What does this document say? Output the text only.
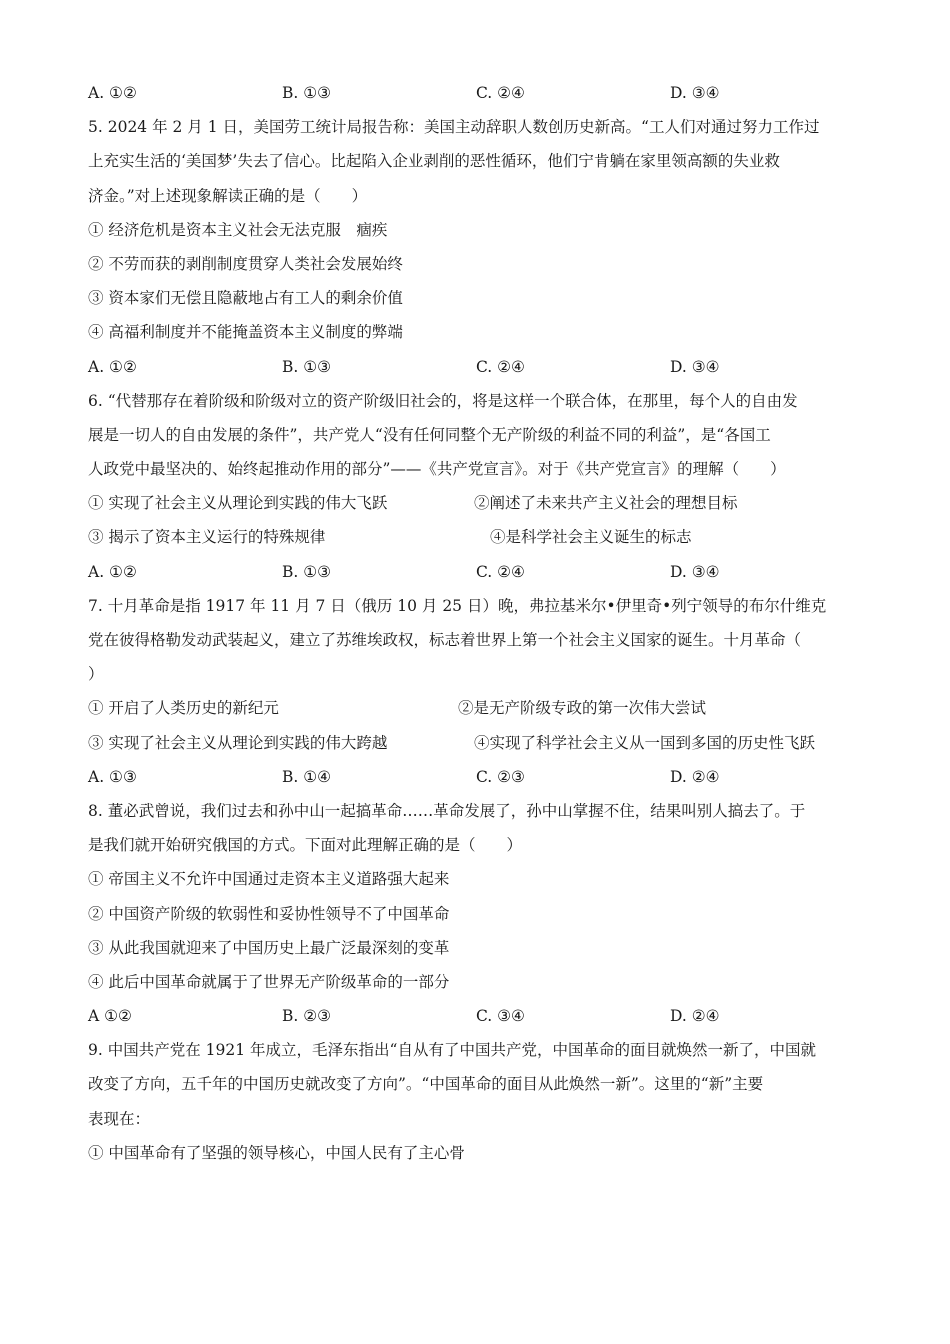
A. ①②	B. ①③	C. ②④	D. ③④
5. 2024 年 2 月 1 日，美国劳工统计局报告称：美国主动辞职人数创历史新高。“工人们对通过努力工作过
上充实生活的‘美国梦’失去了信心。比起陷入企业剥削的恶性循环，他们宁肯躺在家里领高额的失业救
济金。”对上述现象解读正确的是（　　）
① 经济危机是资本主义社会无法克服　痼疾
② 不劳而获的剥削制度贯穿人类社会发展始终
③ 资本家们无偿且隐蔽地占有工人的剩余价值
④ 高福利制度并不能掩盖资本主义制度的弊端
A. ①②	B. ①③	C. ②④	D. ③④
6. “代替那存在着阶级和阶级对立的资产阶级旧社会的，将是这样一个联合体，在那里，每个人的自由发
展是一切人的自由发展的条件”，共产党人“没有任何同整个无产阶级的利益不同的利益”，是“各国工
人政党中最坚决的、始终起推动作用的部分”——《共产党宣言》。对于《共产党宣言》的理解（　　）
① 实现了社会主义从理论到实践的伟大飞跃	②阐述了未来共产主义社会的理想目标
③ 揭示了资本主义运行的特殊规律	④是科学社会主义诞生的标志
A. ①②	B. ①③	C. ②④	D. ③④
7. 十月革命是指 1917 年 11 月 7 日（俄历 10 月 25 日）晚，弗拉基米尔•伊里奇•列宁领导的布尔什维克
党在彼得格勒发动武装起义，建立了苏维埃政权，标志着世界上第一个社会主义国家的诞生。十月革命（
）
① 开启了人类历史的新纪元	②是无产阶级专政的第一次伟大尝试
③ 实现了社会主义从理论到实践的伟大跨越	④实现了科学社会主义从一国到多国的历史性飞跃
A. ①③	B. ①④	C. ②③	D. ②④
8. 董必武曾说，我们过去和孙中山一起搞革命……革命发展了，孙中山掌握不住，结果叫别人搞去了。于
是我们就开始研究俄国的方式。下面对此理解正确的是（　　）
① 帝国主义不允许中国通过走资本主义道路强大起来
② 中国资产阶级的软弱性和妥协性领导不了中国革命
③ 从此我国就迎来了中国历史上最广泛最深刻的变革
④ 此后中国革命就属于了世界无产阶级革命的一部分
A ①②	B. ②③	C. ③④	D. ②④
9. 中国共产党在 1921 年成立，毛泽东指出“自从有了中国共产党，中国革命的面目就焕然一新了，中国就
改变了方向，五千年的中国历史就改变了方向”。“中国革命的面目从此焕然一新”。这里的“新”主要
表现在：
① 中国革命有了坚强的领导核心，中国人民有了主心骨
